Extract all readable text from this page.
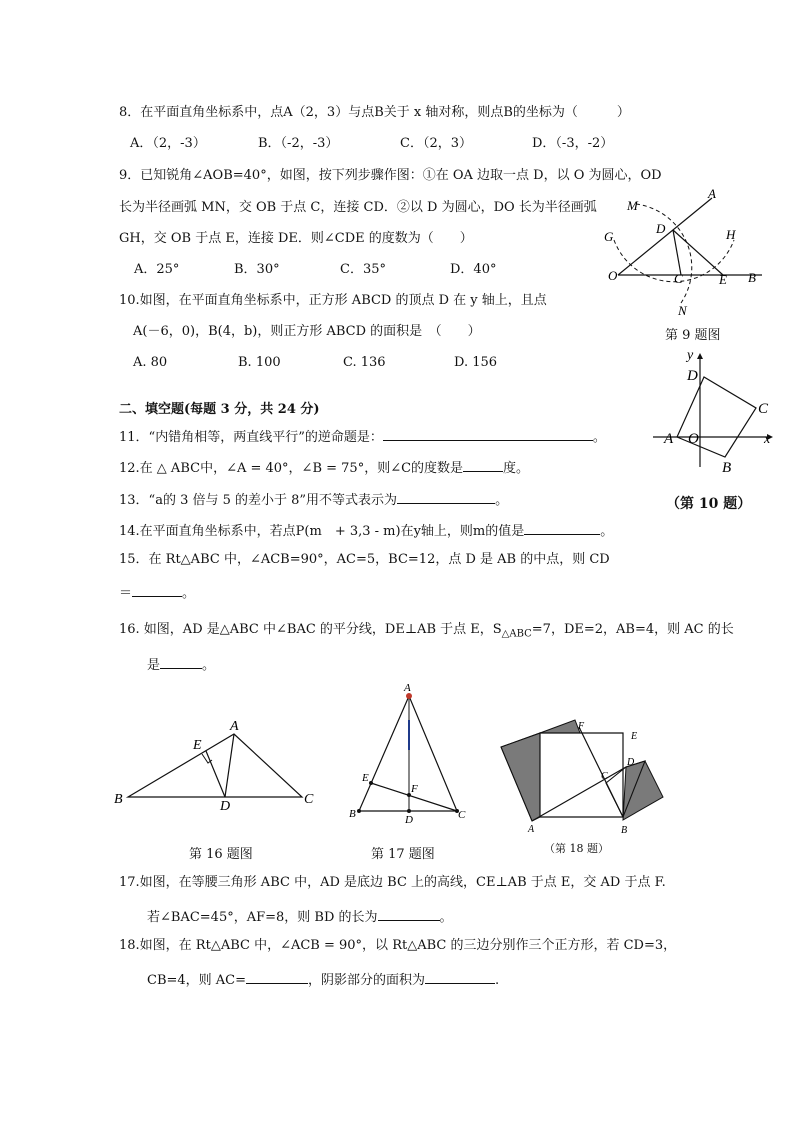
8．在平面直角坐标系中，点A（2，3）与点B关于 x 轴对称，则点B的坐标为（　　　）
A．（2，-3）	B．（-2，-3）	C．（2，3）	D．（-3，-2）
9．已知锐角∠AOB=40°，如图，按下列步骤作图：①在 OA 边取一点 D，以 O 为圆心，OD
长为半径画弧 MN，交 OB 于点 C，连接 CD．②以 D 为圆心，DO 长为半径画弧
GH，交 OB 于点 E，连接 DE．则∠CDE 的度数为（　　）
A．25°	B．30°	C．35°	D．40°
A
M
D
G	H
O	C	E B
N
第 9 题图
10.如图，在平面直角坐标系中，正方形 ABCD 的顶点 D 在 y 轴上，且点
A(－6，0)，B(4，b)，则正方形 ABCD 的面积是　（　　）
A. 80	B. 100	C. 136	D. 156	y
x
D
C
A O
B
（第 10 题）
二、填空题(每题 3 分，共 24 分)
11．“内错角相等，两直线平行”的逆命题是：	。
12.在 △ ABC中，∠A = 40°，∠B = 75°，则∠C的度数是	度。
13．“a的 3 倍与 5 的差小于 8”用不等式表示为	。
14.在平面直角坐标系中，若点P(m　+ 3,3 - m)在y轴上，则m的值是	。
15．在 Rt△ABC 中，∠ACB=90°，AC=5，BC=12，点 D 是 AB 的中点，则 CD
＝	。
16. 如图，AD 是△ABC 中∠BAC 的平分线，DE⊥AB 于点 E，$S_{\triangle ABC}=7$，DE=2，AB=4，则 AC 的长
是	。
A
E
B	D	C
第 16 题图
A
E
F
B	D	C
第 17 题图
F
E
D
C
A	B
（第 18 题）
17.如图，在等腰三角形 ABC 中，AD 是底边 BC 上的高线，CE⊥AB 于点 E，交 AD 于点 F.
若∠BAC=45°，AF=8，则 BD 的长为	。
18.如图，在 Rt△ABC 中，∠ACB = 90°，以 Rt△ABC 的三边分别作三个正方形，若 CD=3，
CB=4，则 AC=	，阴影部分的面积为	.
